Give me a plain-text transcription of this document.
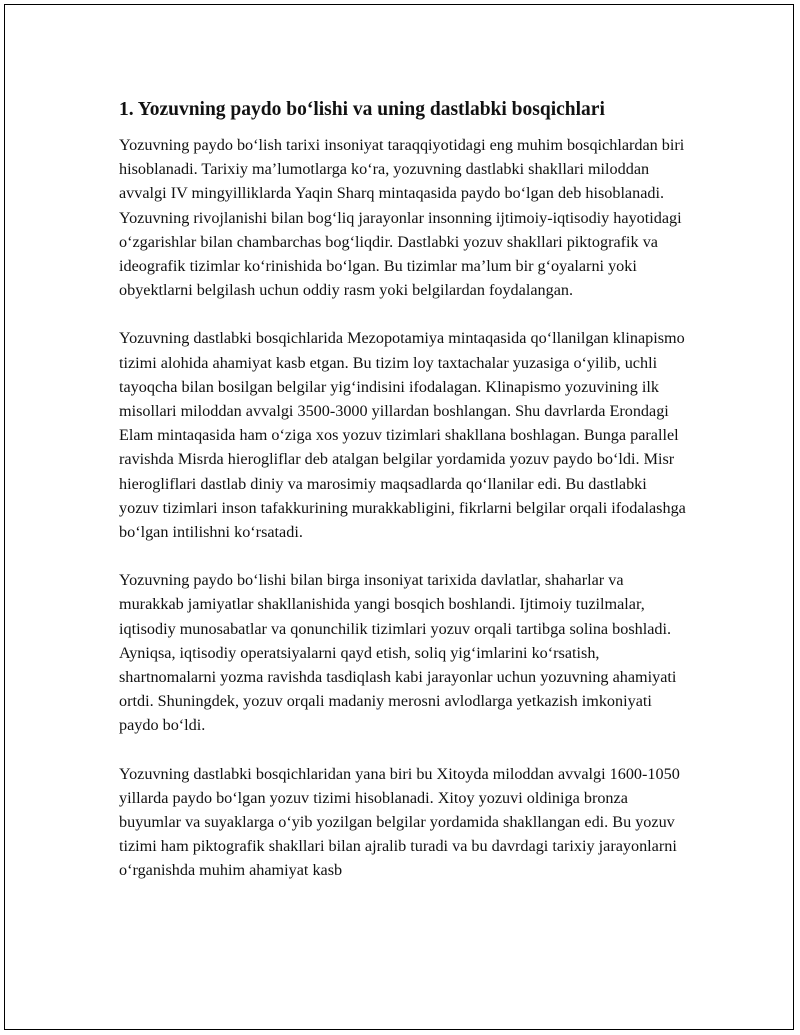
1. Yozuvning paydo bo‘lishi va uning dastlabki bosqichlari

Yozuvning paydo bo‘lish tarixi insoniyat taraqqiyotidagi eng muhim bosqichlardan biri hisoblanadi. Tarixiy ma’lumotlarga ko‘ra, yozuvning dastlabki shakllari miloddan avvalgi IV mingyilliklarda Yaqin Sharq mintaqasida paydo bo‘lgan deb hisoblanadi. Yozuvning rivojlanishi bilan bog‘liq jarayonlar insonning ijtimoiy-iqtisodiy hayotidagi o‘zgarishlar bilan chambarchas bog‘liqdir. Dastlabki yozuv shakllari piktografik va ideografik tizimlar ko‘rinishida bo‘lgan. Bu tizimlar ma’lum bir g‘oyalarni yoki obyektlarni belgilash uchun oddiy rasm yoki belgilardan foydalangan.

Yozuvning dastlabki bosqichlarida Mezopotamiya mintaqasida qo‘llanilgan klinapismo tizimi alohida ahamiyat kasb etgan. Bu tizim loy taxtachalar yuzasiga o‘yilib, uchli tayoqcha bilan bosilgan belgilar yig‘indisini ifodalagan. Klinapismo yozuvining ilk misollari miloddan avvalgi 3500-3000 yillardan boshlangan. Shu davrlarda Erondagi Elam mintaqasida ham o‘ziga xos yozuv tizimlari shakllana boshlagan. Bunga parallel ravishda Misrda hierogliflar deb atalgan belgilar yordamida yozuv paydo bo‘ldi. Misr hierogliflari dastlab diniy va marosimiy maqsadlarda qo‘llanilar edi. Bu dastlabki yozuv tizimlari inson tafakkurining murakkabligini, fikrlarni belgilar orqali ifodalashga bo‘lgan intilishni ko‘rsatadi.

Yozuvning paydo bo‘lishi bilan birga insoniyat tarixida davlatlar, shaharlar va murakkab jamiyatlar shakllanishida yangi bosqich boshlandi. Ijtimoiy tuzilmalar, iqtisodiy munosabatlar va qonunchilik tizimlari yozuv orqali tartibga solina boshladi. Ayniqsa, iqtisodiy operatsiyalarni qayd etish, soliq yig‘imlarini ko‘rsatish, shartnomalarni yozma ravishda tasdiqlash kabi jarayonlar uchun yozuvning ahamiyati ortdi. Shuningdek, yozuv orqali madaniy merosni avlodlarga yetkazish imkoniyati paydo bo‘ldi.

Yozuvning dastlabki bosqichlaridan yana biri bu Xitoyda miloddan avvalgi 1600-1050 yillarda paydo bo‘lgan yozuv tizimi hisoblanadi. Xitoy yozuvi oldiniga bronza buyumlar va suyaklarga o‘yib yozilgan belgilar yordamida shakllangan edi. Bu yozuv tizimi ham piktografik shakllari bilan ajralib turadi va bu davrdagi tarixiy jarayonlarni o‘rganishda muhim ahamiyat kasb
